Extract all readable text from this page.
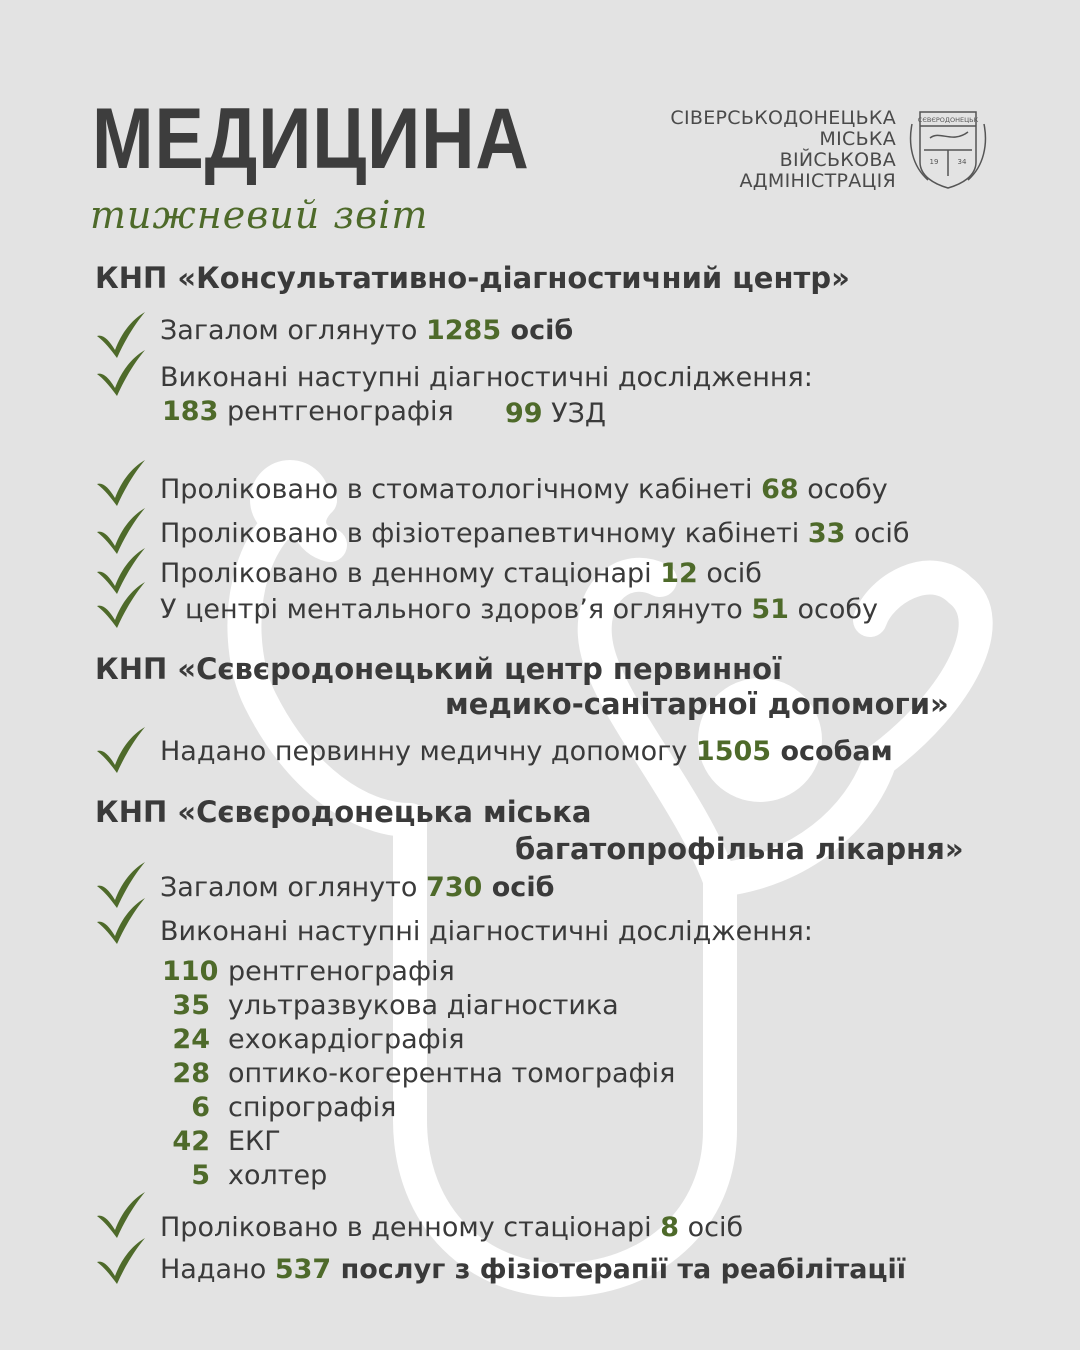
МЕДИЦИНА
тижневий звіт
СІВЕРСЬКОДОНЕЦЬКА
МІСЬКА
ВІЙСЬКОВА
АДМІНІСТРАЦІЯ
СЄВЄРОДОНЕЦЬК
19	34
КНП «Консультативно-діагностичний центр»
Загалом оглянуто 1285 осіб
Виконані наступні діагностичні дослідження:
183 рентгенографія 99 УЗД
Проліковано в стоматологічному кабінеті 68 особу
Проліковано в фізіотерапевтичному кабінеті 33 осіб
Проліковано в денному стаціонарі 12 осіб
У центрі ментального здоров’я оглянуто 51 особу
КНП «Сєвєродонецький центр первинної
медико-санітарної допомоги»
Надано первинну медичну допомогу 1505 особам
КНП «Сєвєродонецька міська
багатопрофільна лікарня»
Загалом оглянуто 730 осіб
Виконані наступні діагностичні дослідження:
110 рентгенографія
35 ультразвукова діагностика
24 ехокардіографія
28 оптико-когерентна томографія
6 спірографія
42 ЕКГ
5 холтер
Проліковано в денному стаціонарі 8 осіб
Надано 537 послуг з фізіотерапії та реабілітації
